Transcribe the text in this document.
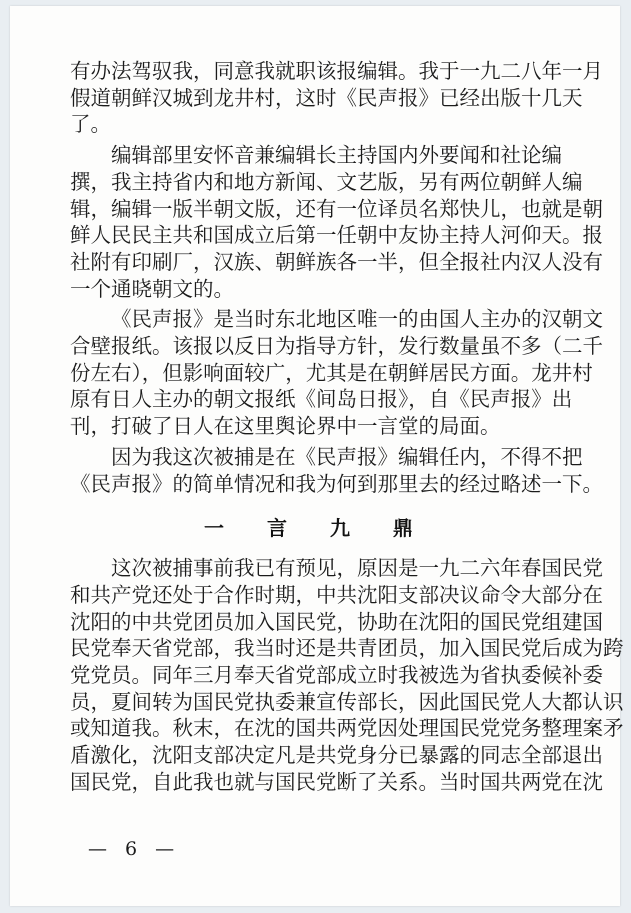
有办法驾驭我，同意我就职该报编辑。我于一九二八年一月
假道朝鲜汉城到龙井村，这时《民声报》已经出版十几天
了。
编辑部里安怀音兼编辑长主持国内外要闻和社论编
撰，我主持省内和地方新闻、文艺版，另有两位朝鲜人编
辑，编辑一版半朝文版，还有一位译员名郑快儿，也就是朝
鲜人民民主共和国成立后第一任朝中友协主持人河仰天。报
社附有印刷厂，汉族、朝鲜族各一半，但全报社内汉人没有
一个通晓朝文的。
《民声报》是当时东北地区唯一的由国人主办的汉朝文
合壁报纸。该报以反日为指导方针，发行数量虽不多（二千
份左右），但影响面较广，尤其是在朝鲜居民方面。龙井村
原有日人主办的朝文报纸《间岛日报》，自《民声报》出
刊，打破了日人在这里舆论界中一言堂的局面。
因为我这次被捕是在《民声报》编辑任内，不得不把
《民声报》的简单情况和我为何到那里去的经过略述一下。
一 言 九 鼎
这次被捕事前我已有预见，原因是一九二六年春国民党
和共产党还处于合作时期，中共沈阳支部决议命令大部分在
沈阳的中共党团员加入国民党，协助在沈阳的国民党组建国
民党奉天省党部，我当时还是共青团员，加入国民党后成为跨
党党员。同年三月奉天省党部成立时我被选为省执委候补委
员，夏间转为国民党执委兼宣传部长，因此国民党人大都认识
或知道我。秋末，在沈的国共两党因处理国民党党务整理案矛
盾激化，沈阳支部决定凡是共党身分已暴露的同志全部退出
国民党，自此我也就与国民党断了关系。当时国共两党在沈
— 6 —
